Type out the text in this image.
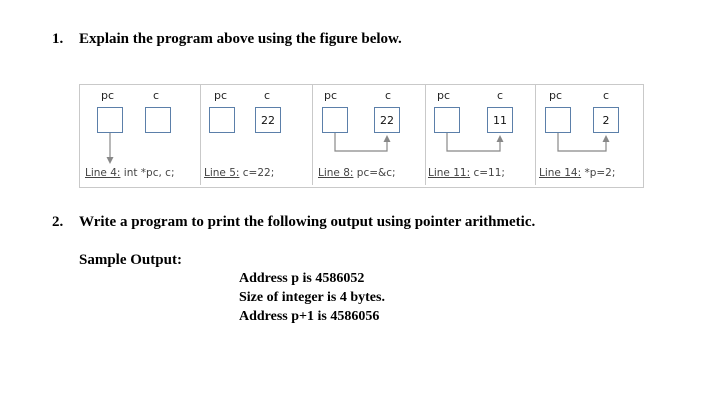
1. Explain the program above using the figure below.
pc	c
Line 4: int *pc, c;
pc	c
22
Line 5: c=22;
pc	c
22
Line 8: pc=&c;
pc	c
11
Line 11: c=11;
pc	c
2
Line 14: *p=2;
2. Write a program to print the following output using pointer arithmetic.
Sample Output:
Address p is 4586052
Size of integer is 4 bytes.
Address p+1 is 4586056
